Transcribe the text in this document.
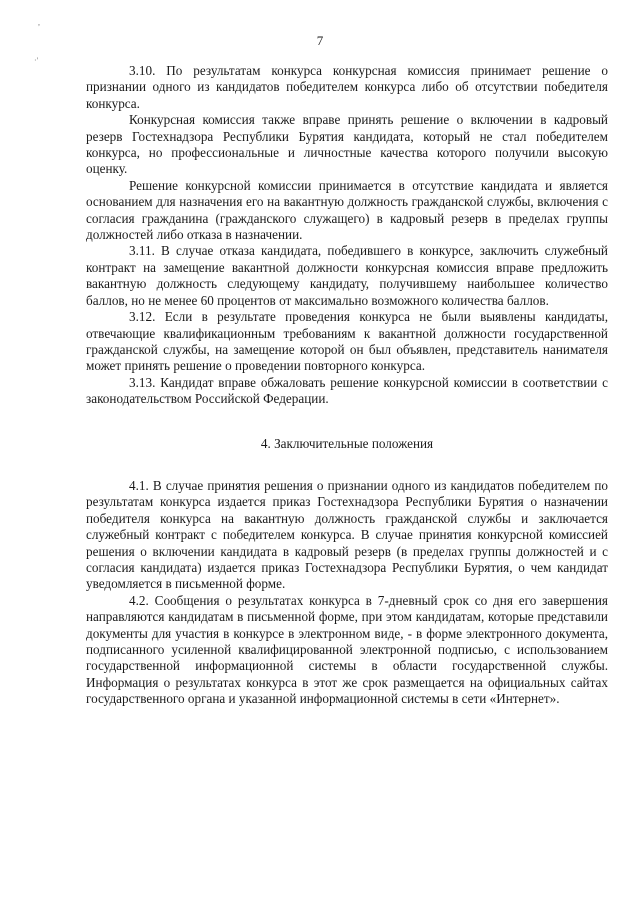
,
·'
7

3.10. По результатам конкурса конкурсная комиссия принимает решение о признании одного из кандидатов победителем конкурса либо об отсутствии победителя конкурса.

Конкурсная комиссия также вправе принять решение о включении в кадровый резерв Гостехнадзора Республики Бурятия кандидата, который не стал победителем конкурса, но профессиональные и личностные качества которого получили высокую оценку.

Решение конкурсной комиссии принимается в отсутствие кандидата и является основанием для назначения его на вакантную должность гражданской службы, включения с согласия гражданина (гражданского служащего) в кадровый резерв в пределах группы должностей либо отказа в назначении.

3.11. В случае отказа кандидата, победившего в конкурсе, заключить служебный контракт на замещение вакантной должности конкурсная комиссия вправе предложить вакантную должность следующему кандидату, получившему наибольшее количество баллов, но не менее 60 процентов от максимально возможного количества баллов.

3.12. Если в результате проведения конкурса не были выявлены кандидаты, отвечающие квалификационным требованиям к вакантной должности государственной гражданской службы, на замещение которой он был объявлен, представитель нанимателя может принять решение о проведении повторного конкурса.

3.13. Кандидат вправе обжаловать решение конкурсной комиссии в соответствии с законодательством Российской Федерации.

4. Заключительные положения

4.1. В случае принятия решения о признании одного из кандидатов победителем по результатам конкурса издается приказ Гостехнадзора Республики Бурятия о назначении победителя конкурса на вакантную должность гражданской службы и заключается служебный контракт с победителем конкурса. В случае принятия конкурсной комиссией решения о включении кандидата в кадровый резерв (в пределах группы должностей и с согласия кандидата) издается приказ Гостехнадзора Республики Бурятия, о чем кандидат уведомляется в письменной форме.

4.2. Сообщения о результатах конкурса в 7-дневный срок со дня его завершения направляются кандидатам в письменной форме, при этом кандидатам, которые представили документы для участия в конкурсе в электронном виде, - в форме электронного документа, подписанного усиленной квалифицированной электронной подписью, с использованием государственной информационной системы в области государственной службы. Информация о результатах конкурса в этот же срок размещается на официальных сайтах государственного органа и указанной информационной системы в сети «Интернет».
